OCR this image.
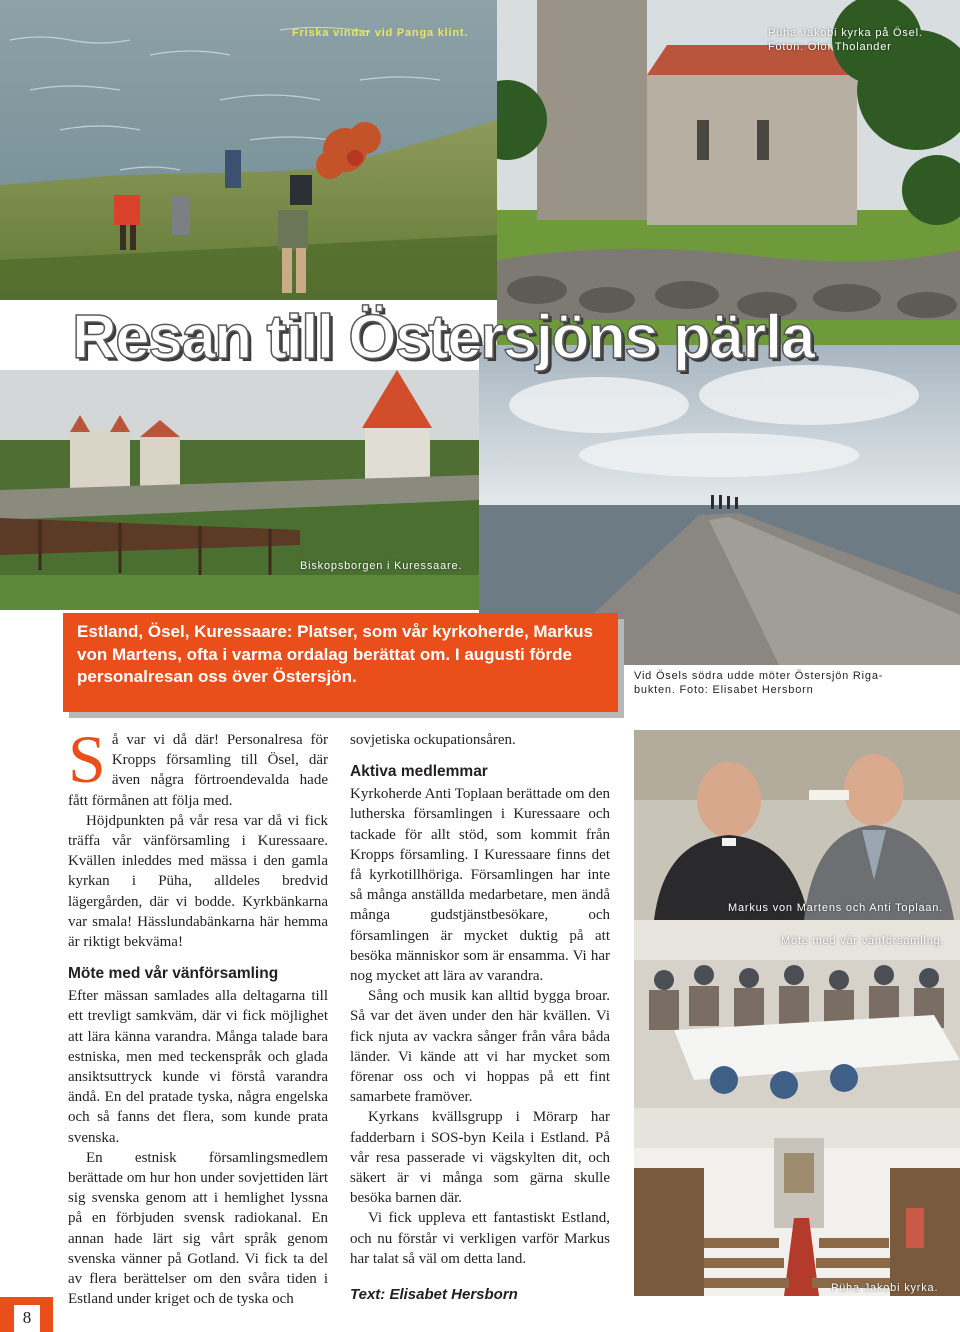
Friska vindar vid Panga klint.	Püha Jakobi kyrka på Ösel.
Foton: Olof Tholander
Biskopsborgen i Kuressaare.
Resan till Östersjöns pärla

Estland, Ösel, Kuressaare: Platser, som vår kyrkoherde, Markus von Martens, ofta i varma ordalag berättat om. I augusti förde personalresan oss över Östersjön.	Vid Ösels södra udde möter Östersjön Riga-
bukten. Foto: Elisabet Hersborn

Så var vi då där! Personalresa för Kropps församling till Ösel, där även några förtroendevalda hade fått förmånen att följa med.

Höjdpunkten på vår resa var då vi fick träffa vår vänförsamling i Kuressaare. Kvällen inleddes med mässa i den gamla kyrkan i Püha, alldeles bredvid lägergården, där vi bodde. Kyrkbänkarna var smala! Hässlundabänkarna här hemma är riktigt bekväma!

Möte med vår vänförsamling

Efter mässan samlades alla deltagarna till ett trevligt samkväm, där vi fick möjlighet att lära känna varandra. Många talade bara estniska, men med teckenspråk och glada ansiktsuttryck kunde vi förstå varandra ändå. En del pratade tyska, några engelska och så fanns det flera, som kunde prata svenska.

En estnisk församlingsmedlem berättade om hur hon under sovjettiden lärt sig svenska genom att i hemlighet lyssna på en förbjuden svensk radiokanal. En annan hade lärt sig vårt språk genom svenska vänner på Gotland. Vi fick ta del av flera berättelser om den svåra tiden i Estland under kriget och de tyska och

sovjetiska ockupationsåren.

Aktiva medlemmar

Kyrkoherde Anti Toplaan berättade om den lutherska församlingen i Kuressaare och tackade för allt stöd, som kommit från Kropps församling. I Kuressaare finns det få kyrkotillhöriga. Församlingen har inte så många anställda medarbetare, men ändå många gudstjänstbesökare, och församlingen är mycket duktig på att besöka människor som är ensamma. Vi har nog mycket att lära av varandra.

Sång och musik kan alltid bygga broar. Så var det även under den här kvällen. Vi fick njuta av vackra sånger från våra båda länder. Vi kände att vi har mycket som förenar oss och vi hoppas på ett fint samarbete framöver.

Kyrkans kvällsgrupp i Mörarp har fadderbarn i SOS-byn Keila i Estland. På vår resa passerade vi vägskylten dit, och säkert är vi många som gärna skulle besöka barnen där.

Vi fick uppleva ett fantastiskt Estland, och nu förstår vi verkligen varför Markus har talat så väl om detta land.

Text: Elisabet Hersborn

Markus von Martens och Anti Toplaan.
Möte med vår vänförsamling.
Püha Jakobi kyrka.
8
